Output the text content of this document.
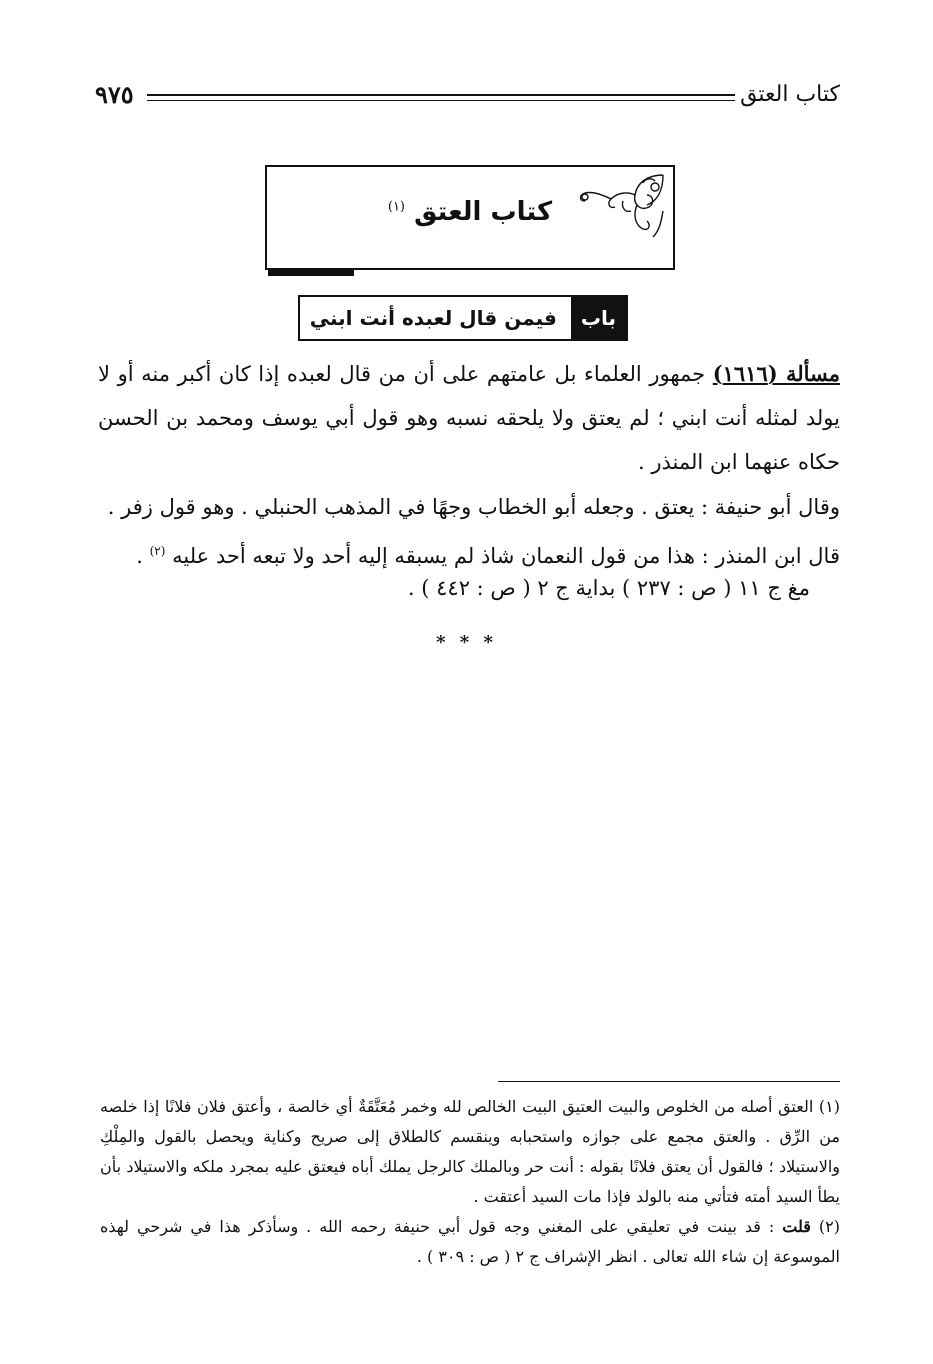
٩٧٥	كتاب العتق
كتاب العتق $^{(١)}$
باب
فيمن قال لعبده أنت ابني

مسألة (١٦١٦) جمهور العلماء بل عامتهم على أن من قال لعبده إذا كان أكبر منه أو لا يولد لمثله أنت ابني ؛ لم يعتق ولا يلحقه نسبه وهو قول أبي يوسف ومحمد بن الحسن حكاه عنهما ابن المنذر .

وقال أبو حنيفة : يعتق . وجعله أبو الخطاب وجهًا في المذهب الحنبلي . وهو قول زفر .

قال ابن المنذر : هذا من قول النعمان شاذ لم يسبقه إليه أحد ولا تبعه أحد عليه $^{(٢)}$ .

مغ ج ١١ ( ص : ٢٣٧ ) بداية ج ٢ ( ص : ٤٤٢ ) .
* * *

(١) العتق أصله من الخلوص والبيت العتيق البيت الخالص لله وخمر مُعَتَّقَةٌ أي خالصة ، وأعتق فلان فلانًا إذا خلصه من الرِّق . والعتق مجمع على جوازه واستحبابه وينقسم كالطلاق إلى صريح وكناية ويحصل بالقول والمِلْكِ والاستيلاد ؛ فالقول أن يعتق فلانًا بقوله : أنت حر وبالملك كالرجل يملك أباه فيعتق عليه بمجرد ملكه والاستيلاد بأن يطأ السيد أمته فتأتي منه بالولد فإذا مات السيد أعتقت .

(٢) قلت : قد بينت في تعليقي على المغني وجه قول أبي حنيفة رحمه الله . وسأذكر هذا في شرحي لهذه الموسوعة إن شاء الله تعالى . انظر الإشراف ج ٢ ( ص : ٣٠٩ ) .
